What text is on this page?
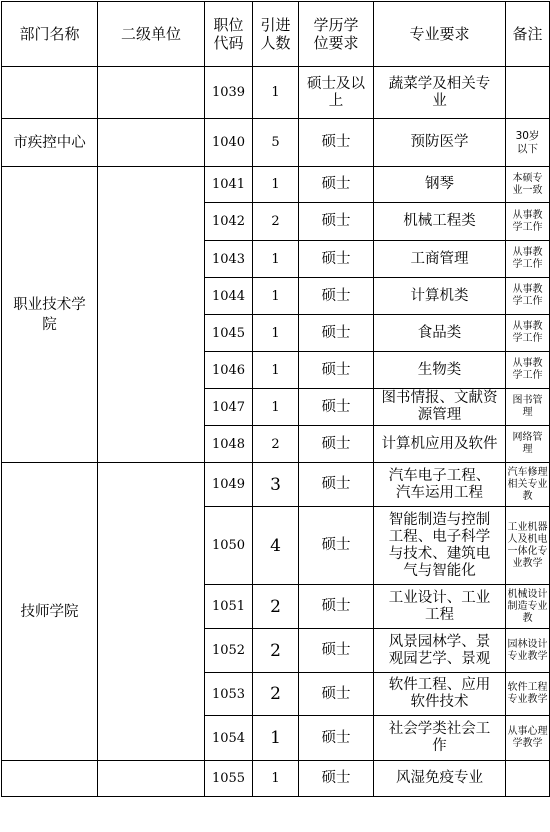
部门名称	二级单位	职位代码	引进人数	学历学位要求	专业要求	备注
		1039	1	硕士及以上	蔬菜学及相关专业	
市疾控中心		1040	5	硕士	预防医学	30岁以下
职业技术学院		1041	1	硕士	钢琴	本硕专业一致
		1042	2	硕士	机械工程类	从事教学工作
		1043	1	硕士	工商管理	从事教学工作
		1044	1	硕士	计算机类	从事教学工作
		1045	1	硕士	食品类	从事教学工作
		1046	1	硕士	生物类	从事教学工作
		1047	1	硕士	图书情报、文献资源管理	图书管理
		1048	2	硕士	计算机应用及软件	网络管理
技师学院		1049	3	硕士	汽车电子工程、汽车运用工程	汽车修理相关专业教
		1050	4	硕士	智能制造与控制工程、电子科学与技术、建筑电气与智能化	工业机器人及机电一体化专业教学
		1051	2	硕士	工业设计、工业工程	机械设计制造专业教
		1052	2	硕士	风景园林学、景观园艺学、景观	园林设计专业教学
		1053	2	硕士	软件工程、应用软件技术	软件工程专业教学
		1054	1	硕士	社会学类社会工作	从事心理学教学
		1055	1	硕士	风湿免疫专业	
